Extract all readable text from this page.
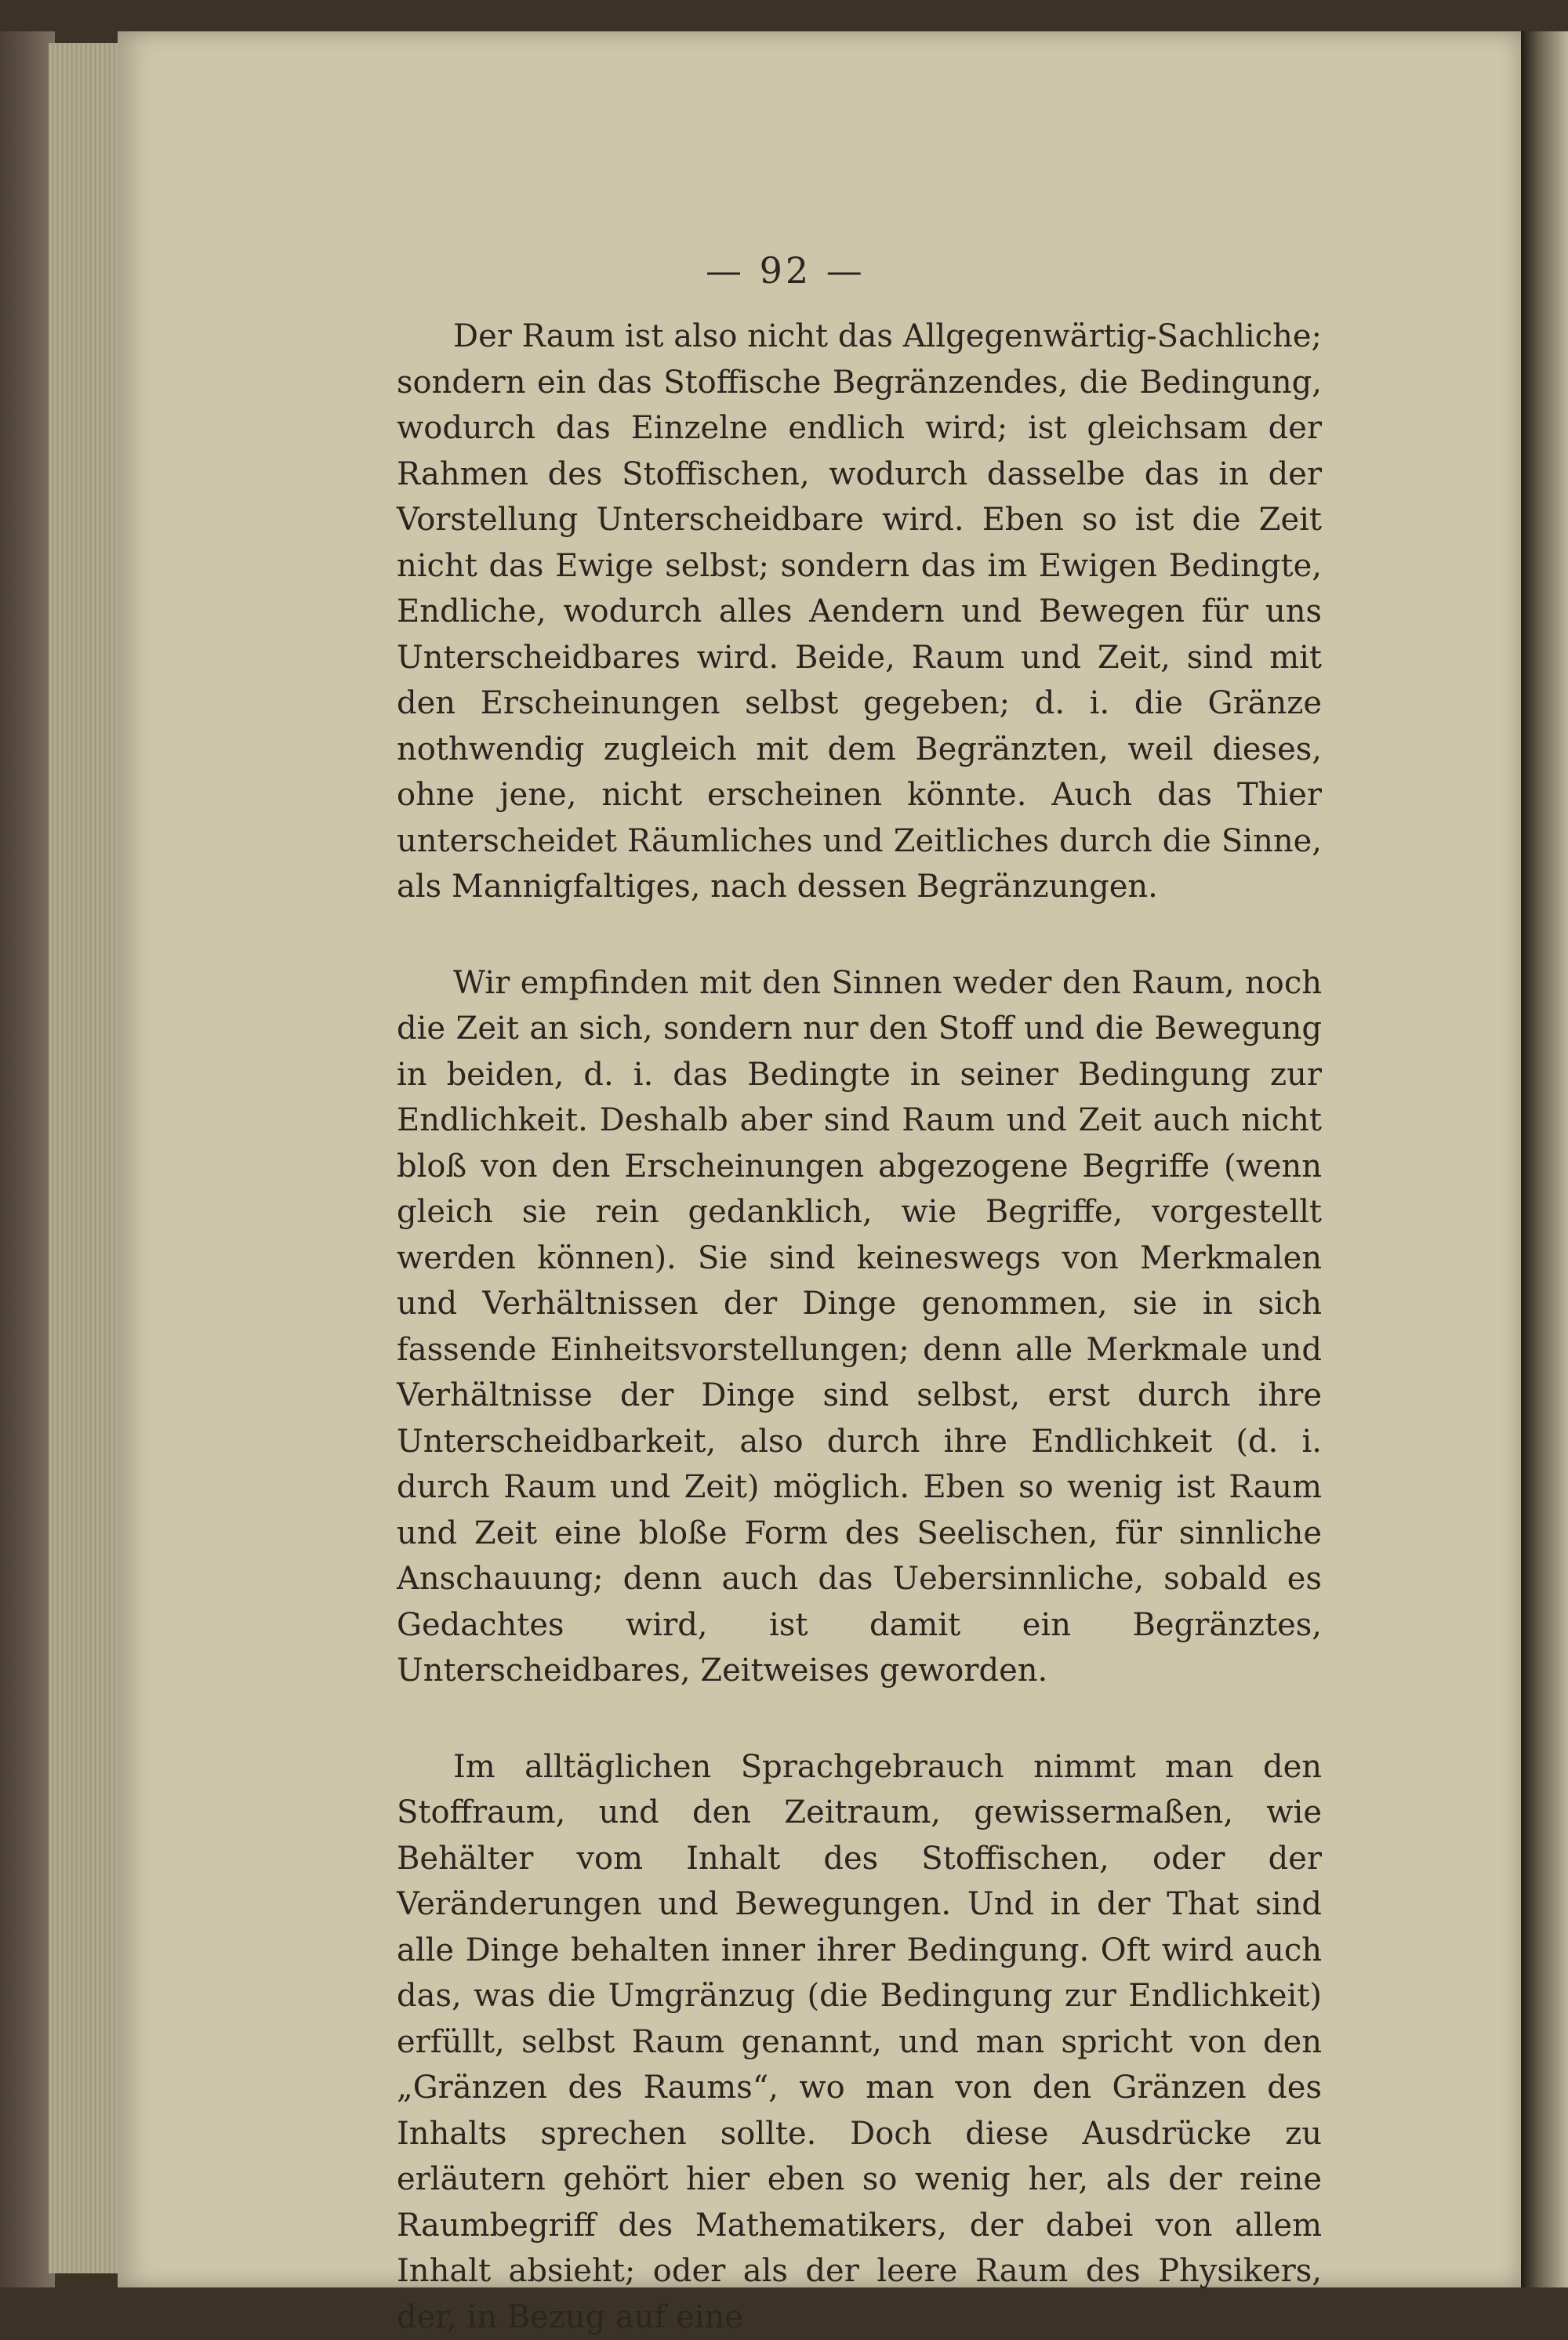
— 92 —

Der Raum ist also nicht das Allgegenwärtig-Sachliche; sondern ein das Stoffische Begränzendes, die Bedingung, wodurch das Einzelne endlich wird; ist gleichsam der Rahmen des Stoffischen, wodurch dasselbe das in der Vorstellung Unterscheidbare wird. Eben so ist die Zeit nicht das Ewige selbst; sondern das im Ewigen Bedingte, Endliche, wodurch alles Aendern und Bewegen für uns Unterscheidbares wird. Beide, Raum und Zeit, sind mit den Erscheinungen selbst gegeben; d. i. die Gränze nothwendig zugleich mit dem Begränzten, weil dieses, ohne jene, nicht erscheinen könnte. Auch das Thier unterscheidet Räumliches und Zeitliches durch die Sinne, als Mannigfaltiges, nach dessen Begränzungen.

Wir empfinden mit den Sinnen weder den Raum, noch die Zeit an sich, sondern nur den Stoff und die Bewegung in beiden, d. i. das Bedingte in seiner Bedingung zur Endlichkeit. Deshalb aber sind Raum und Zeit auch nicht bloß von den Erscheinungen abgezogene Begriffe (wenn gleich sie rein gedanklich, wie Begriffe, vorgestellt werden können). Sie sind keineswegs von Merkmalen und Verhältnissen der Dinge genommen, sie in sich fassende Einheitsvorstellungen; denn alle Merkmale und Verhältnisse der Dinge sind selbst, erst durch ihre Unterscheidbarkeit, also durch ihre Endlichkeit (d. i. durch Raum und Zeit) möglich. Eben so wenig ist Raum und Zeit eine bloße Form des Seelischen, für sinnliche Anschauung; denn auch das Uebersinnliche, sobald es Gedachtes wird, ist damit ein Begränztes, Unterscheidbares, Zeitweises geworden.

Im alltäglichen Sprachgebrauch nimmt man den Stoffraum, und den Zeitraum, gewissermaßen, wie Behälter vom Inhalt des Stoffischen, oder der Veränderungen und Bewegungen. Und in der That sind alle Dinge behalten inner ihrer Bedingung. Oft wird auch das, was die Umgränzug (die Bedingung zur Endlichkeit) erfüllt, selbst Raum genannt, und man spricht von den „Gränzen des Raums“, wo man von den Gränzen des Inhalts sprechen sollte. Doch diese Ausdrücke zu erläutern gehört hier eben so wenig her, als der reine Raumbegriff des Mathematikers, der dabei von allem Inhalt absieht; oder als der leere Raum des Physikers, der, in Bezug auf eine
